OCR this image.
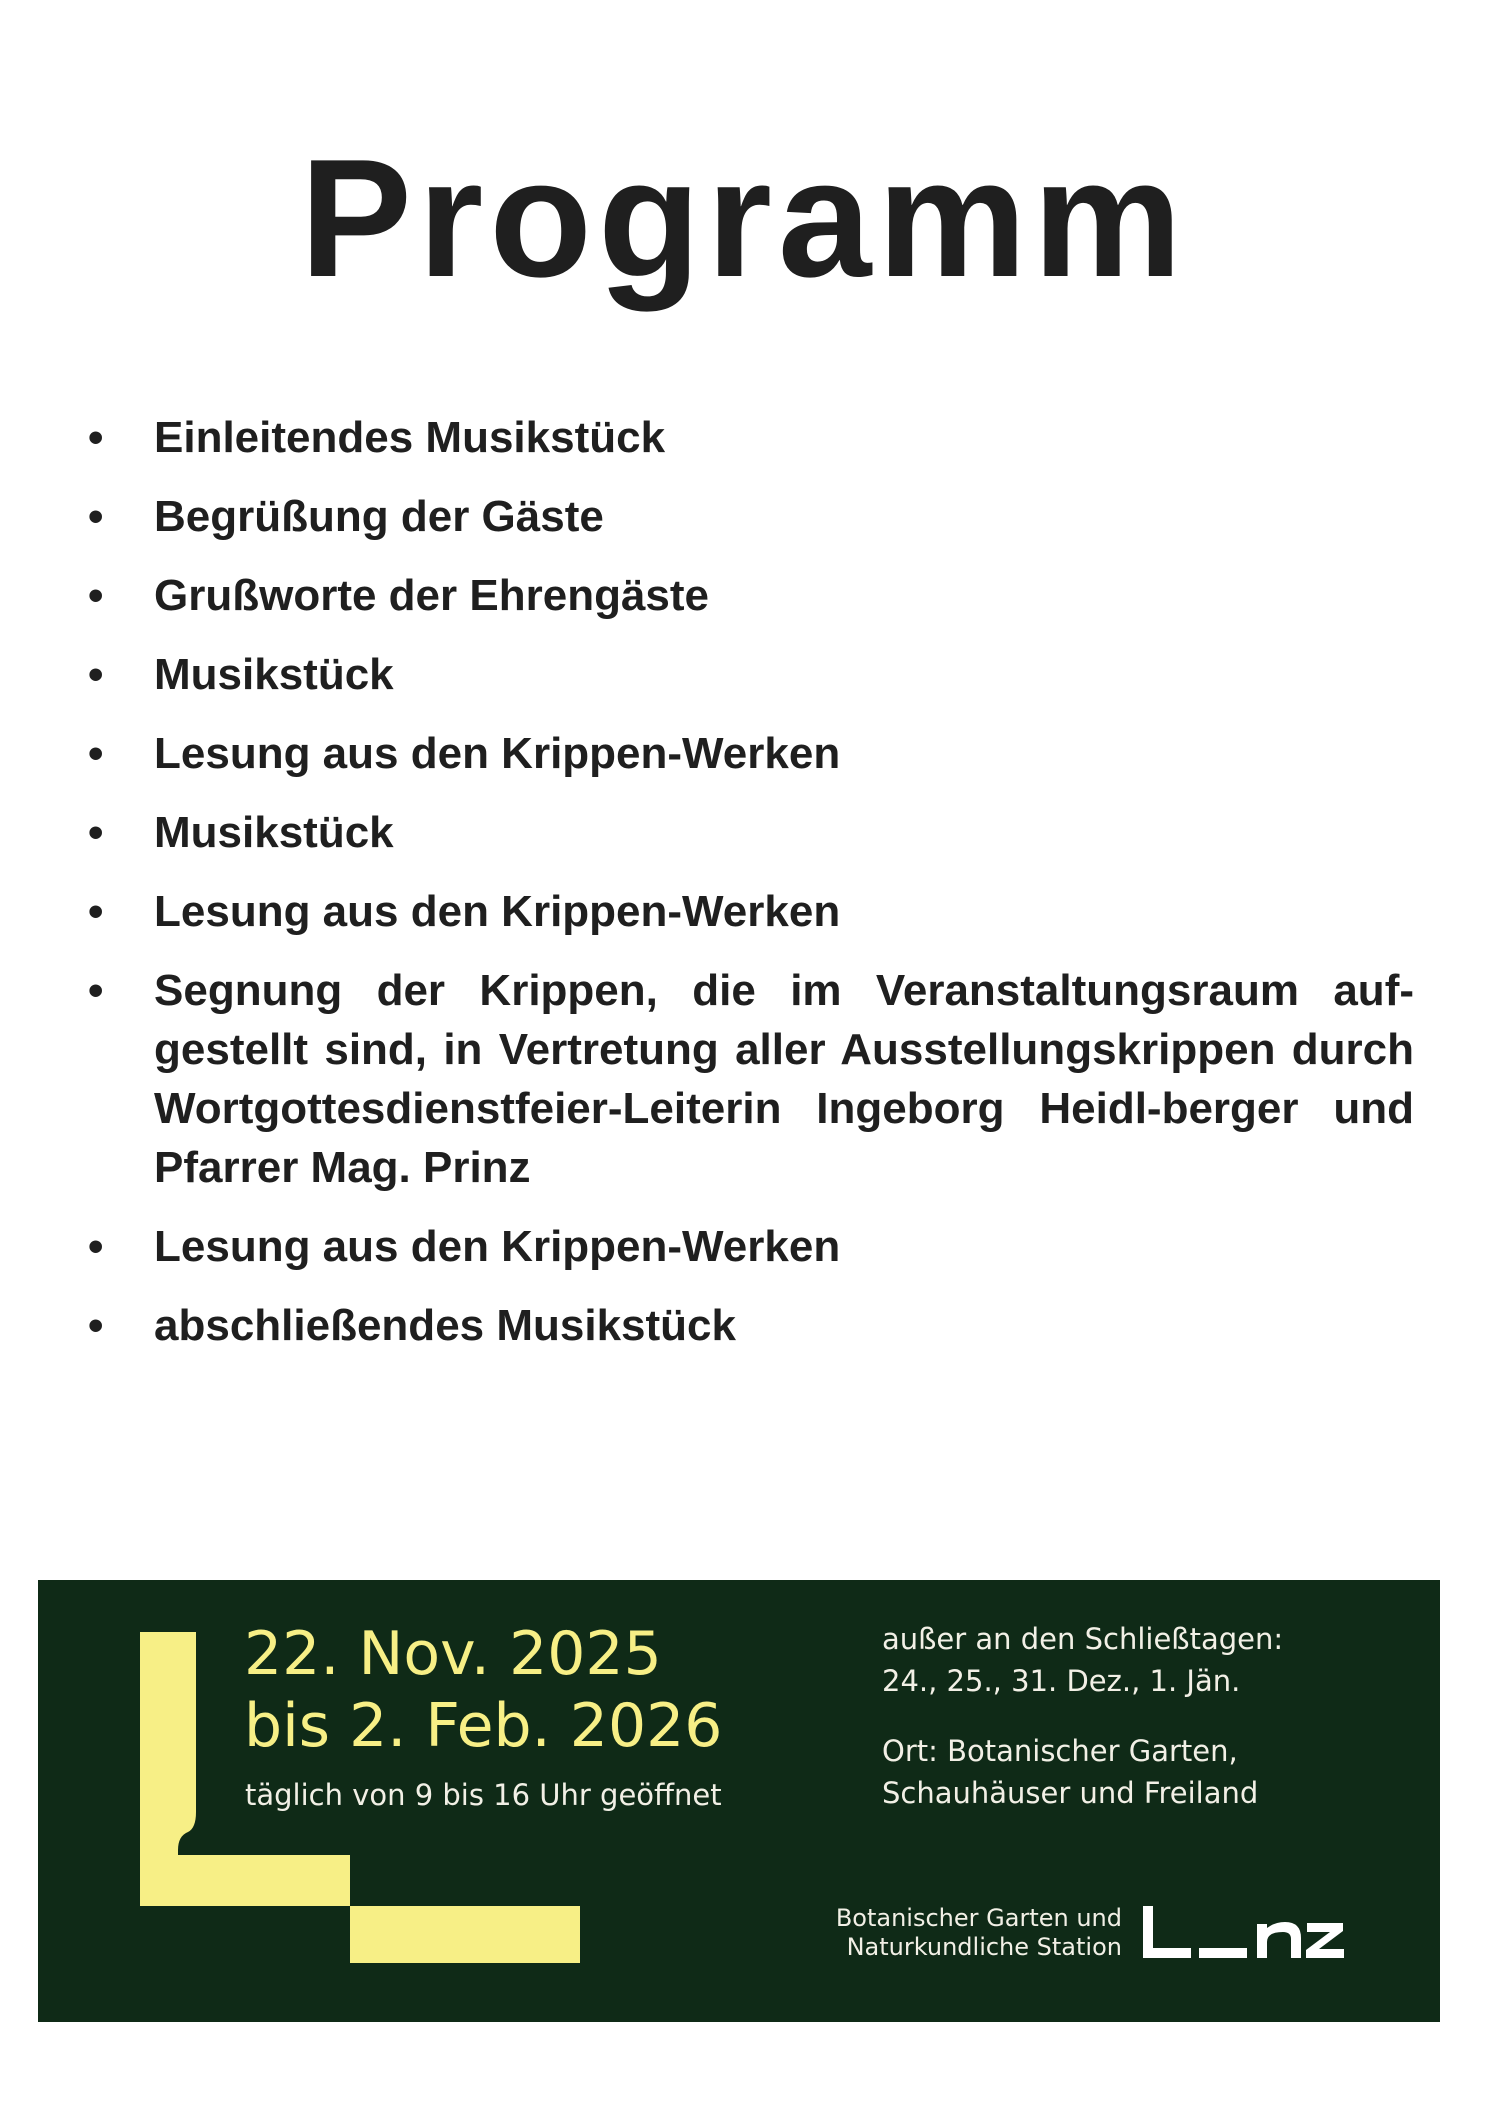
Programm
•	Einleitendes Musikstück
•	Begrüßung der Gäste
•	Grußworte der Ehrengäste
•	Musikstück
•	Lesung aus den Krippen-Werken
•	Musikstück
•	Lesung aus den Krippen-Werken
•	Segnung der Krippen, die im Veranstaltungsraum auf-gestellt sind, in Vertretung aller Ausstellungskrippen durch Wortgottesdienstfeier-Leiterin Ingeborg Heidl-berger und Pfarrer Mag. Prinz
•	Lesung aus den Krippen-Werken
•	abschließendes Musikstück
22. Nov. 2025
bis 2. Feb. 2026
täglich von 9 bis 16 Uhr geöffnet
außer an den Schließtagen:
24., 25., 31. Dez., 1. Jän.
Ort: Botanischer Garten,
Schauhäuser und Freiland
Botanischer Garten und
Naturkundliche Station
